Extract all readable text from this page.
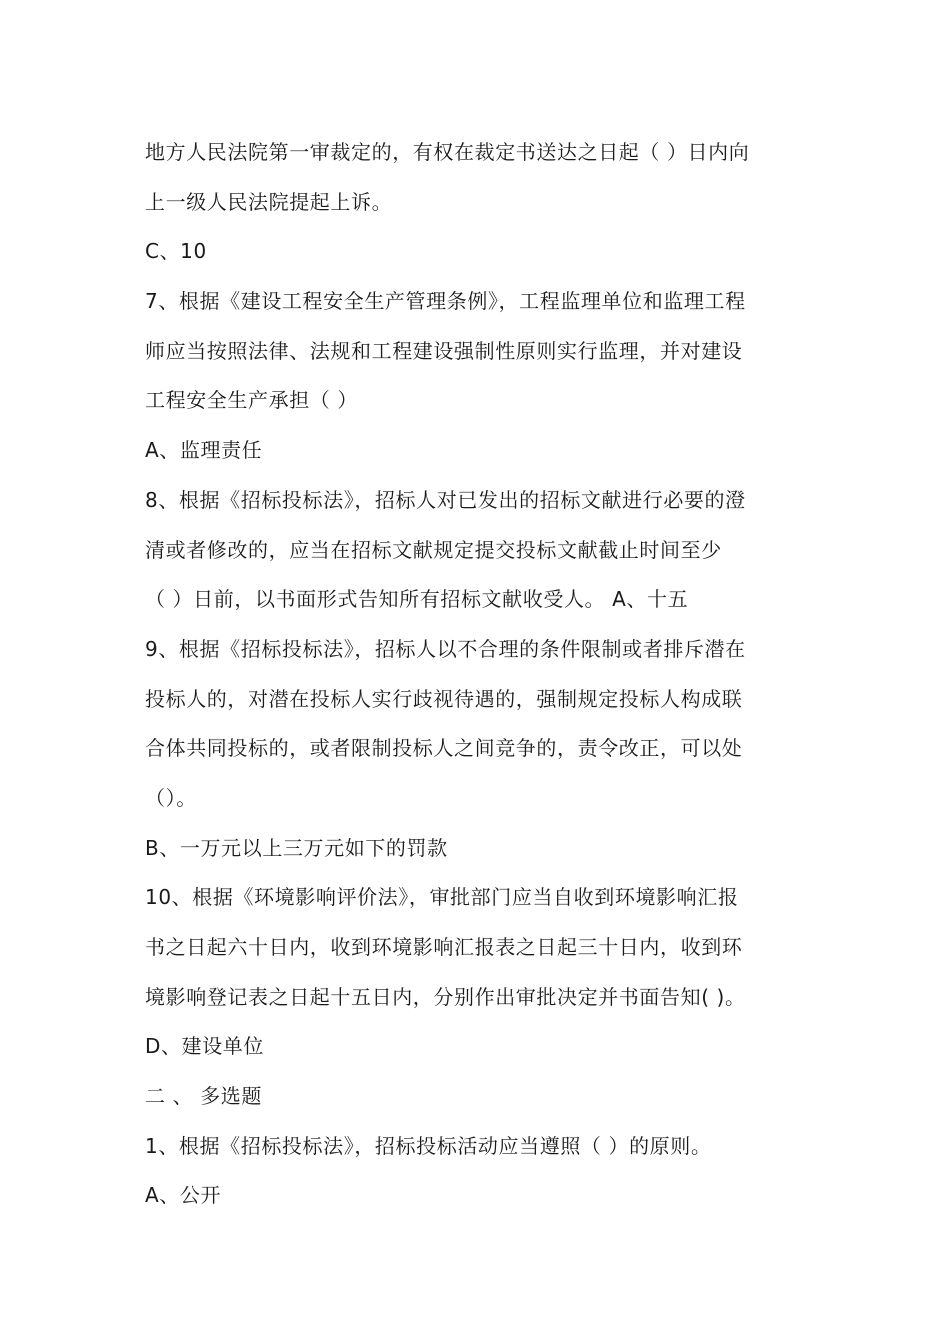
地方人民法院第一审裁定的，有权在裁定书送达之日起（ ）日内向
上一级人民法院提起上诉。
C、10
7、根据《建设工程安全生产管理条例》，工程监理单位和监理工程
师应当按照法律、法规和工程建设强制性原则实行监理，并对建设
工程安全生产承担（ ）
A、监理责任
8、根据《招标投标法》，招标人对已发出的招标文献进行必要的澄
清或者修改的，应当在招标文献规定提交投标文献截止时间至少
（ ）日前，以书面形式告知所有招标文献收受人。 A、十五
9、根据《招标投标法》，招标人以不合理的条件限制或者排斥潜在
投标人的，对潜在投标人实行歧视待遇的，强制规定投标人构成联
合体共同投标的，或者限制投标人之间竞争的，责令改正，可以处
（）。
B、一万元以上三万元如下的罚款
10、根据《环境影响评价法》，审批部门应当自收到环境影响汇报
书之日起六十日内，收到环境影响汇报表之日起三十日内，收到环
境影响登记表之日起十五日内，分别作出审批决定并书面告知( )。
D、建设单位
二 、 多选题
1、根据《招标投标法》，招标投标活动应当遵照（ ）的原则。
A、公开
